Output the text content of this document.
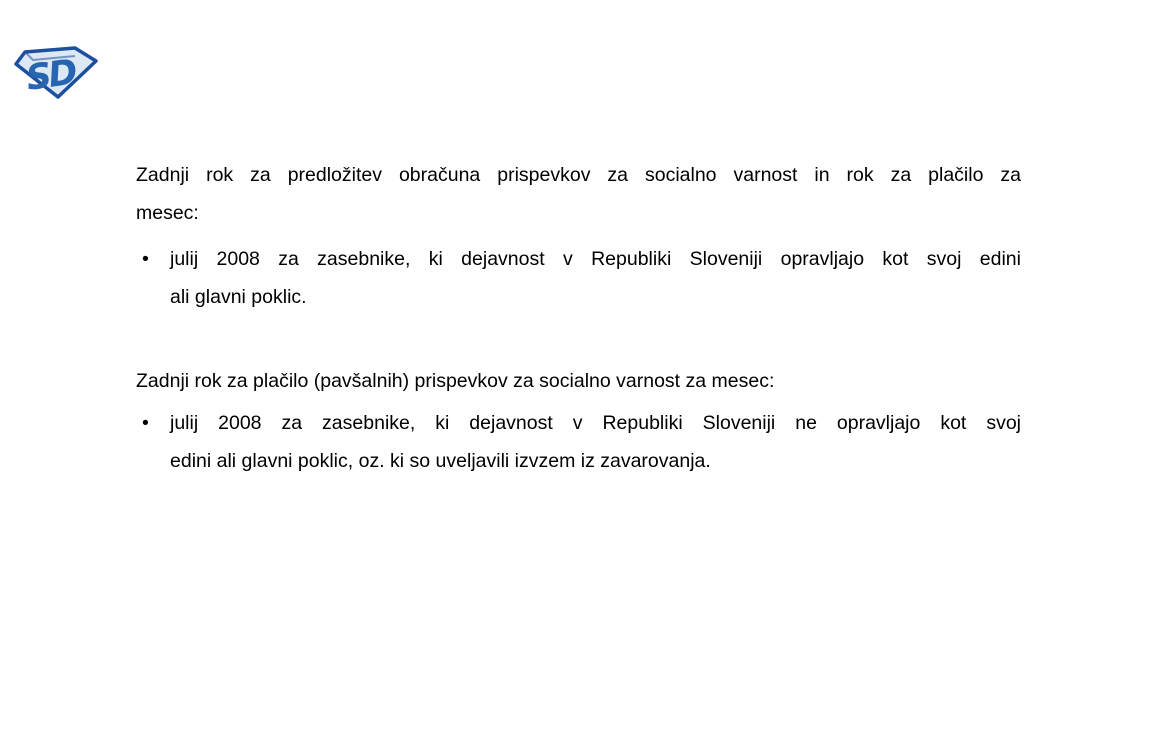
SD
Zadnji rok za predložitev obračuna prispevkov za socialno varnost in rok za plačilo za
mesec:
•	julij 2008 za zasebnike, ki dejavnost v Republiki Sloveniji opravljajo kot svoj edini
ali glavni poklic.
Zadnji rok za plačilo (pavšalnih) prispevkov za socialno varnost za mesec:
•	julij 2008 za zasebnike, ki dejavnost v Republiki Sloveniji ne opravljajo kot svoj
edini ali glavni poklic, oz. ki so uveljavili izvzem iz zavarovanja.
